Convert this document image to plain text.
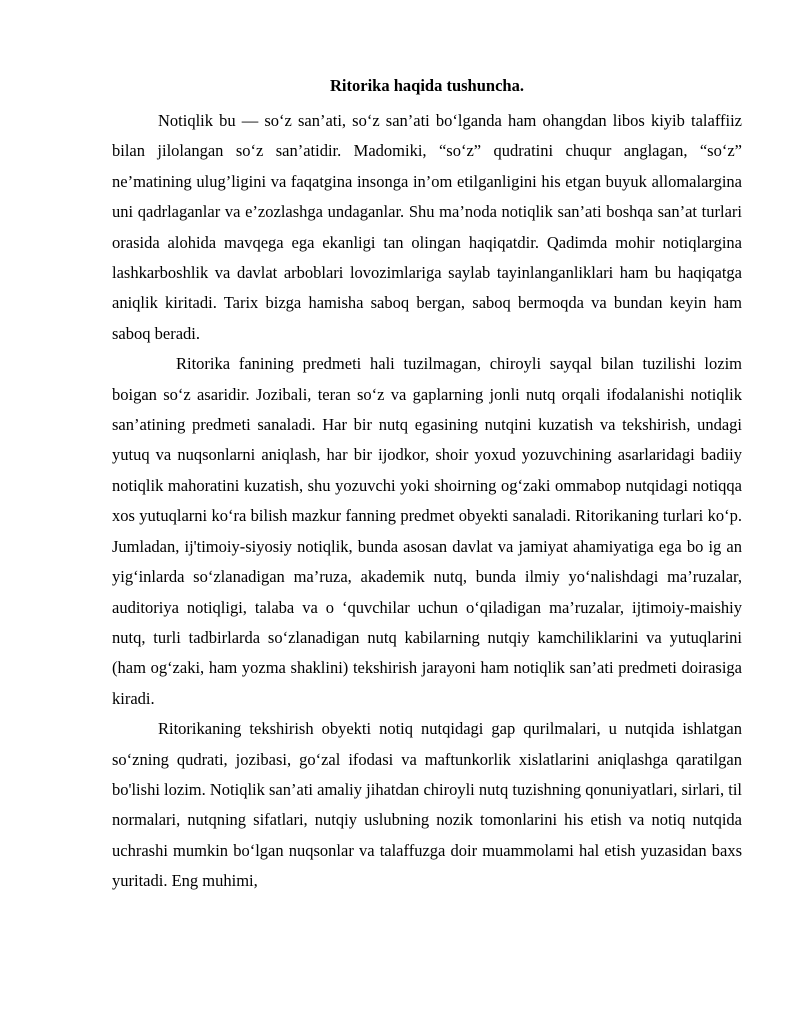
Ritorika haqida tushuncha.

Notiqlik bu — so‘z san’ati, so‘z san’ati bo‘lganda ham ohangdan libos kiyib talaffiiz bilan jilolangan so‘z san’atidir. Madomiki, “so‘z” qudratini chuqur anglagan, “so‘z” ne’matining ulug’ligini va faqatgina insonga in’om etilganligini his etgan buyuk allomalargina uni qadrlaganlar va e’zozlashga undaganlar. Shu ma’noda notiqlik san’ati boshqa san’at turlari orasida alohida mavqega ega ekanligi tan olingan haqiqatdir. Qadimda mohir notiqlargina lashkarboshlik va davlat arboblari lovozimlariga saylab tayinlanganliklari ham bu haqiqatga aniqlik kiritadi. Tarix bizga hamisha saboq bergan, saboq bermoqda va bundan keyin ham saboq beradi.

Ritorika fanining predmeti hali tuzilmagan, chiroyli sayqal bilan tuzilishi lozim boigan so‘z asaridir. Jozibali, teran so‘z va gaplarning jonli nutq orqali ifodalanishi notiqlik san’atining predmeti sanaladi. Har bir nutq egasining nutqini kuzatish va tekshirish, undagi yutuq va nuqsonlarni aniqlash, har bir ijodkor, shoir yoxud yozuvchining asarlaridagi badiiy notiqlik mahoratini kuzatish, shu yozuvchi yoki shoirning og‘zaki ommabop nutqidagi notiqqa xos yutuqlarni ko‘ra bilish mazkur fanning predmet obyekti sanaladi. Ritorikaning turlari ko‘p. Jumladan, ij'timoiy-siyosiy notiqlik, bunda asosan davlat va jamiyat ahamiyatiga ega bo ig an yig‘inlarda so‘zlanadigan ma’ruza, akademik nutq, bunda ilmiy yo‘nalishdagi ma’ruzalar, auditoriya notiqligi, talaba va o ‘quvchilar uchun o‘qiladigan ma’ruzalar, ijtimoiy-maishiy nutq, turli tadbirlarda so‘zlanadigan nutq kabilarning nutqiy kamchiliklarini va yutuqlarini (ham og‘zaki, ham yozma shaklini) tekshirish jarayoni ham notiqlik san’ati predmeti doirasiga kiradi.

Ritorikaning tekshirish obyekti notiq nutqidagi gap qurilmalari, u nutqida ishlatgan so‘zning qudrati, jozibasi, go‘zal ifodasi va maftunkorlik xislatlarini aniqlashga qaratilgan bo'lishi lozim. Notiqlik san’ati amaliy jihatdan chiroyli nutq tuzishning qonuniyatlari, sirlari, til normalari, nutqning sifatlari, nutqiy uslubning nozik tomonlarini his etish va notiq nutqida uchrashi mumkin bo‘lgan nuqsonlar va talaffuzga doir muammolami hal etish yuzasidan baxs yuritadi. Eng muhimi,
